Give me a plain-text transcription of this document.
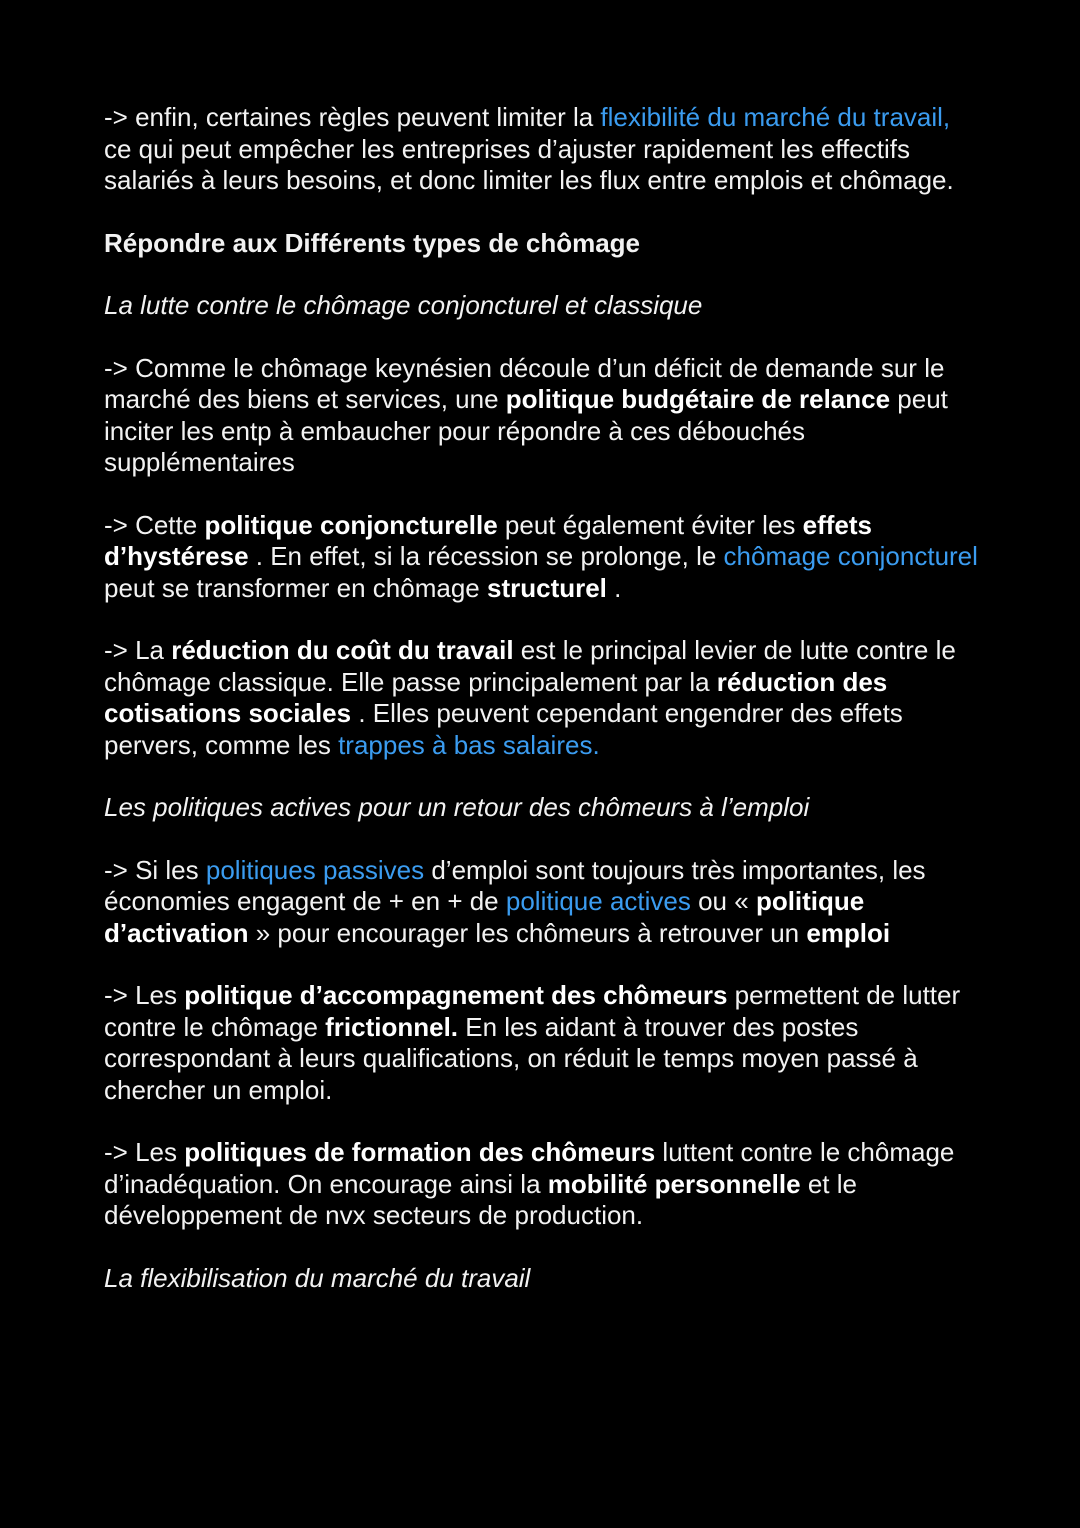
-> enfin, certaines règles peuvent limiter la flexibilité du marché du travail, ce qui peut empêcher les entreprises d’ajuster rapidement les effectifs salariés à leurs besoins, et donc limiter les flux entre emplois et chômage.

Répondre aux Différents types de chômage

La lutte contre le chômage conjoncturel et classique

-> Comme le chômage keynésien découle d’un déficit de demande sur le marché des biens et services, une politique budgétaire de relance peut inciter les entp à embaucher pour répondre à ces débouchés supplémentaires

-> Cette politique conjoncturelle peut également éviter les effets d’hystérese . En effet, si la récession se prolonge, le chômage conjoncturel peut se transformer en chômage structurel .

-> La réduction du coût du travail est le principal levier de lutte contre le chômage classique. Elle passe principalement par la réduction des cotisations sociales . Elles peuvent cependant engendrer des effets pervers, comme les trappes à bas salaires.

Les politiques actives pour un retour des chômeurs à l’emploi

-> Si les politiques passives d’emploi sont toujours très importantes, les économies engagent de + en + de politique actives ou « politique d’activation » pour encourager les chômeurs à retrouver un emploi

-> Les politique d’accompagnement des chômeurs permettent de lutter contre le chômage frictionnel. En les aidant à trouver des postes correspondant à leurs qualifications, on réduit le temps moyen passé à chercher un emploi.

-> Les politiques de formation des chômeurs luttent contre le chômage d’inadéquation. On encourage ainsi la mobilité personnelle et le développement de nvx secteurs de production.

La flexibilisation du marché du travail
